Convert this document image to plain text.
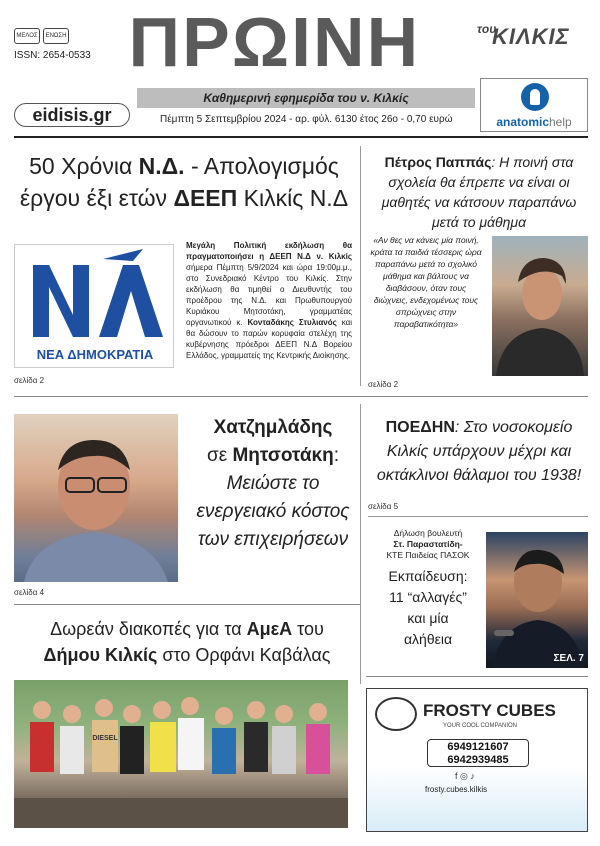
ΜΕΛΟΣ ΕΝΩΣΗ
ISSN: 2654-0533 ΠΡΩΙΝΗ	του
ΚΙΛΚΙΣ
Καθημερινή εφημερίδα του ν. Κιλκίς
Πέμπτη 5 Σεπτεμβρίου 2024 - αρ. φύλ. 6130 έτος 26ο - 0,70 ευρώ
eidisis.gr	anatomichelp
50 Χρόνια Ν.Δ. - Απολογισμός
έργου έξι ετών ΔΕΕΠ Κιλκίς Ν.Δ
ΝΕΑ ΔΗΜΟΚΡΑΤΙΑ
Μεγάλη Πολιτική εκδήλωση θα πραγματοποιήσει η ΔΕΕΠ Ν.Δ ν. Κιλκίς σήμερα Πέμπτη 5/9/2024 και ώρα 19:00μ.μ., στο Συνεδριακό Κέντρο του Κιλκίς. Στην εκδήλωση θα τιμηθεί ο Διευθυντής του προέδρου της Ν.Δ. και Πρωθυπουργού Κυριάκου Μητσοτάκη, γραμματέας οργανωτικού κ. Κονταδάκης Στυλιανός και θα δώσουν το παρών κορυφαία στελέχη της κυβέρνησης πρόεδροι ΔΕΕΠ Ν.Δ Βορείου Ελλάδος, γραμματείς της Κεντρικής Διοίκησης.
σελίδα 2
Πέτρος Παππάς: Η ποινή στα σχολεία θα έπρεπε να είναι οι μαθητές να κάτσουν παραπάνω μετά το μάθημα
«Αν θες να κάνεις μία ποινή, κράτα τα παιδιά τέσσερις ώρα παραπάνω μετά το σχολικό μάθημα και βάλτους να διαβάσουν, όταν τους διώχνεις, ενδεχομένως τους σπρώχνεις στην παραβατικότητα»
σελίδα 2
Χατζημλάδης
σε Μητσοτάκη:
Μειώστε το ενεργειακό κόστος των επιχειρήσεων
σελίδα 4
ΠΟΕΔΗΝ: Στο νοσοκομείο Κιλκίς υπάρχουν μέχρι και οκτάκλινοι θάλαμοι του 1938!
σελίδα 5
Δήλωση βουλευτή
Στ. Παραστατίδη-
ΚΤΕ Παιδείας ΠΑΣΟΚ
Εκπαίδευση:
11 “αλλαγές”
και μία
αλήθεια
ΣΕΛ. 7
Δωρεάν διακοπές για τα ΑμεΑ του
Δήμου Κιλκίς στο Ορφάνι Καβάλας
DIESEL
FROSTY CUBES
YOUR COOL COMPANION
6949121607
6942939485
f ◎ ♪
frosty.cubes.kilkis
